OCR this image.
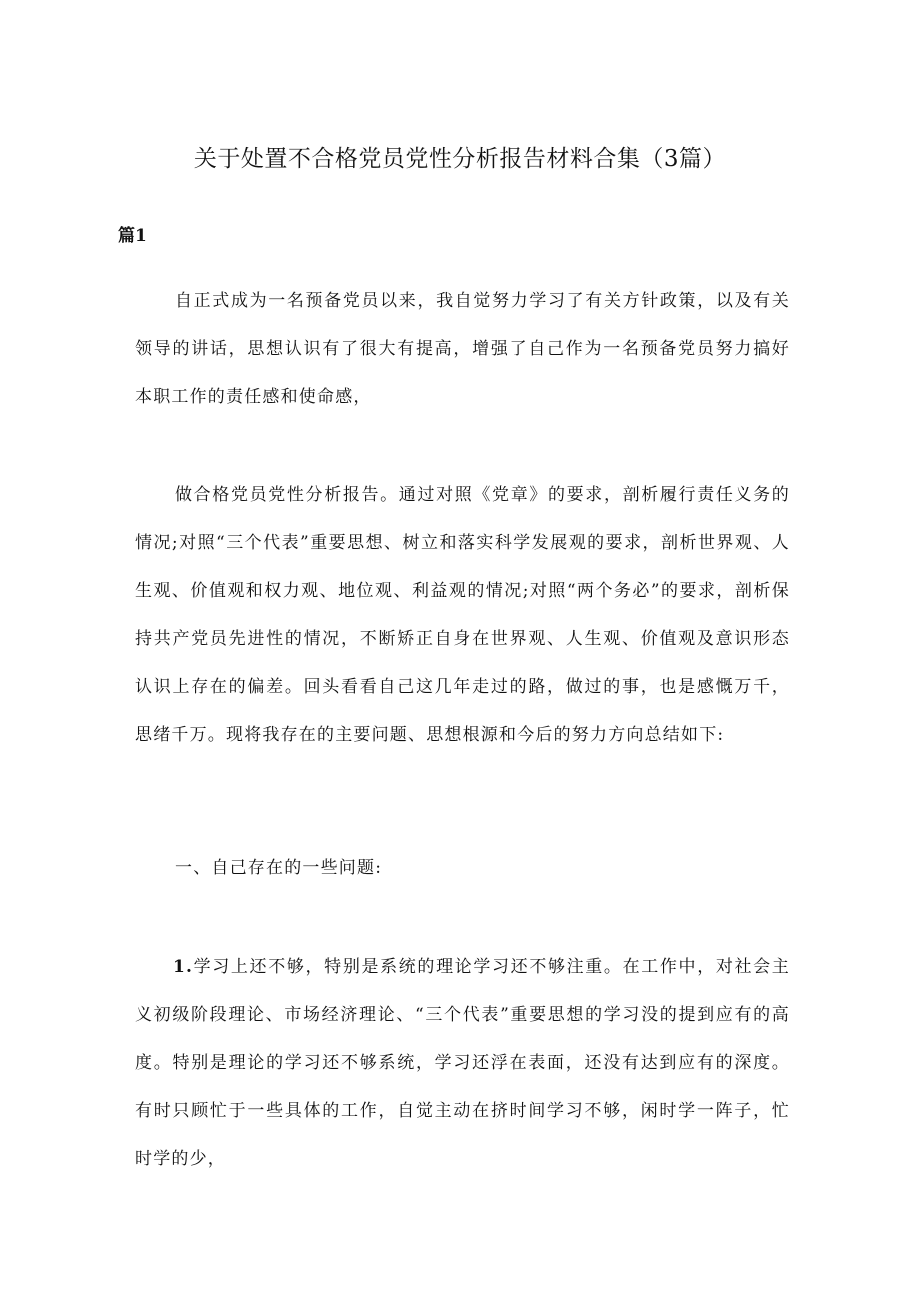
关于处置不合格党员党性分析报告材料合集（3篇）
篇1

自正式成为一名预备党员以来，我自觉努力学习了有关方针政策，以及有关领导的讲话，思想认识有了很大有提高，增强了自己作为一名预备党员努力搞好本职工作的责任感和使命感，

做合格党员党性分析报告。通过对照《党章》的要求，剖析履行责任义务的情况;对照“三个代表”重要思想、树立和落实科学发展观的要求，剖析世界观、人生观、价值观和权力观、地位观、利益观的情况;对照“两个务必”的要求，剖析保持共产党员先进性的情况，不断矫正自身在世界观、人生观、价值观及意识形态认识上存在的偏差。回头看看自己这几年走过的路，做过的事，也是感慨万千，思绪千万。现将我存在的主要问题、思想根源和今后的努力方向总结如下:

一、自己存在的一些问题:

1.学习上还不够，特别是系统的理论学习还不够注重。在工作中，对社会主义初级阶段理论、市场经济理论、“三个代表”重要思想的学习没的提到应有的高度。特别是理论的学习还不够系统，学习还浮在表面，还没有达到应有的深度。有时只顾忙于一些具体的工作，自觉主动在挤时间学习不够，闲时学一阵子，忙时学的少，
